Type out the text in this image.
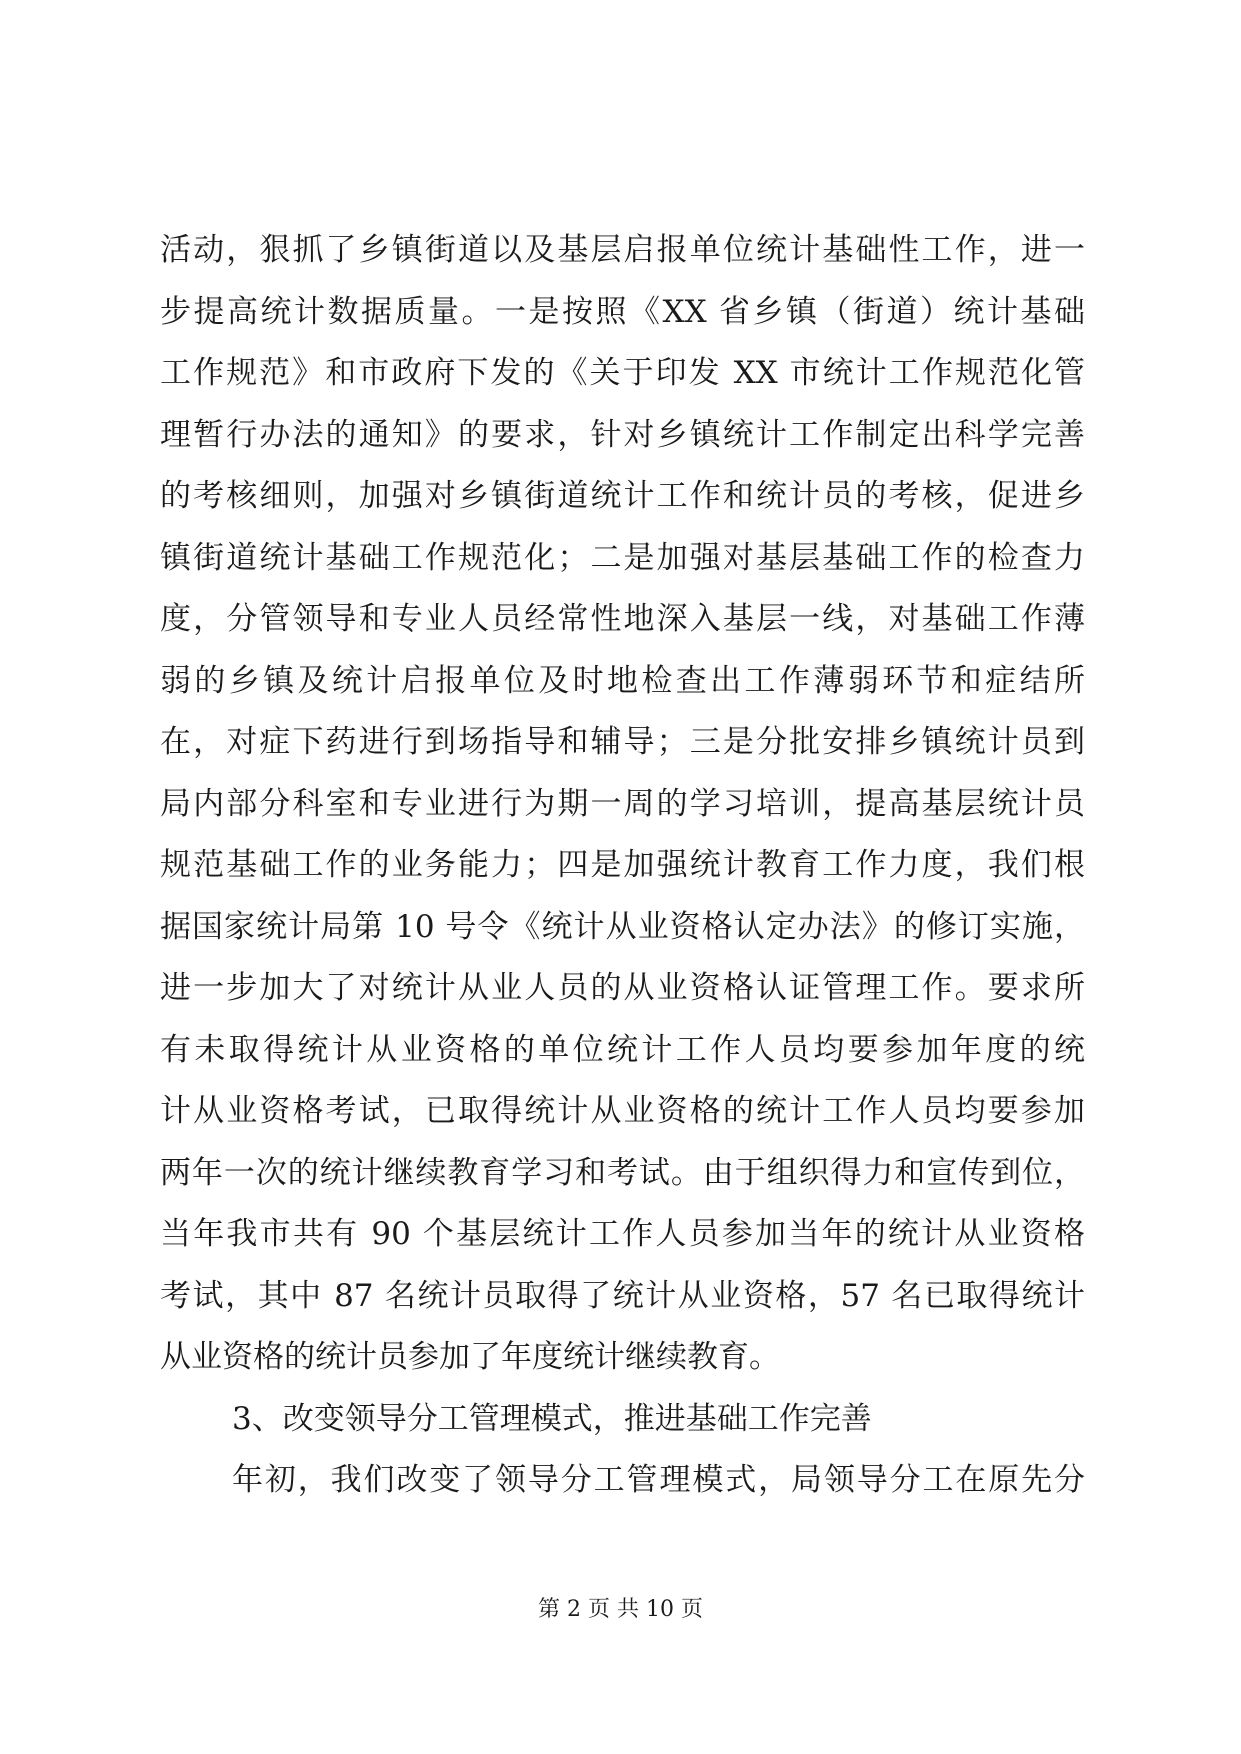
活动，狠抓了乡镇街道以及基层启报单位统计基础性工作，进一
步提高统计数据质量。一是按照《XX 省乡镇（街道）统计基础
工作规范》和市政府下发的《关于印发 XX 市统计工作规范化管
理暂行办法的通知》的要求，针对乡镇统计工作制定出科学完善
的考核细则，加强对乡镇街道统计工作和统计员的考核，促进乡
镇街道统计基础工作规范化；二是加强对基层基础工作的检查力
度，分管领导和专业人员经常性地深入基层一线，对基础工作薄
弱的乡镇及统计启报单位及时地检查出工作薄弱环节和症结所
在，对症下药进行到场指导和辅导；三是分批安排乡镇统计员到
局内部分科室和专业进行为期一周的学习培训，提高基层统计员
规范基础工作的业务能力；四是加强统计教育工作力度，我们根
据国家统计局第 10 号令《统计从业资格认定办法》的修订实施，
进一步加大了对统计从业人员的从业资格认证管理工作。要求所
有未取得统计从业资格的单位统计工作人员均要参加年度的统
计从业资格考试，已取得统计从业资格的统计工作人员均要参加
两年一次的统计继续教育学习和考试。由于组织得力和宣传到位，
当年我市共有 90 个基层统计工作人员参加当年的统计从业资格
考试，其中 87 名统计员取得了统计从业资格，57 名已取得统计
从业资格的统计员参加了年度统计继续教育。
3、改变领导分工管理模式，推进基础工作完善
年初，我们改变了领导分工管理模式，局领导分工在原先分
第 2 页 共 10 页
